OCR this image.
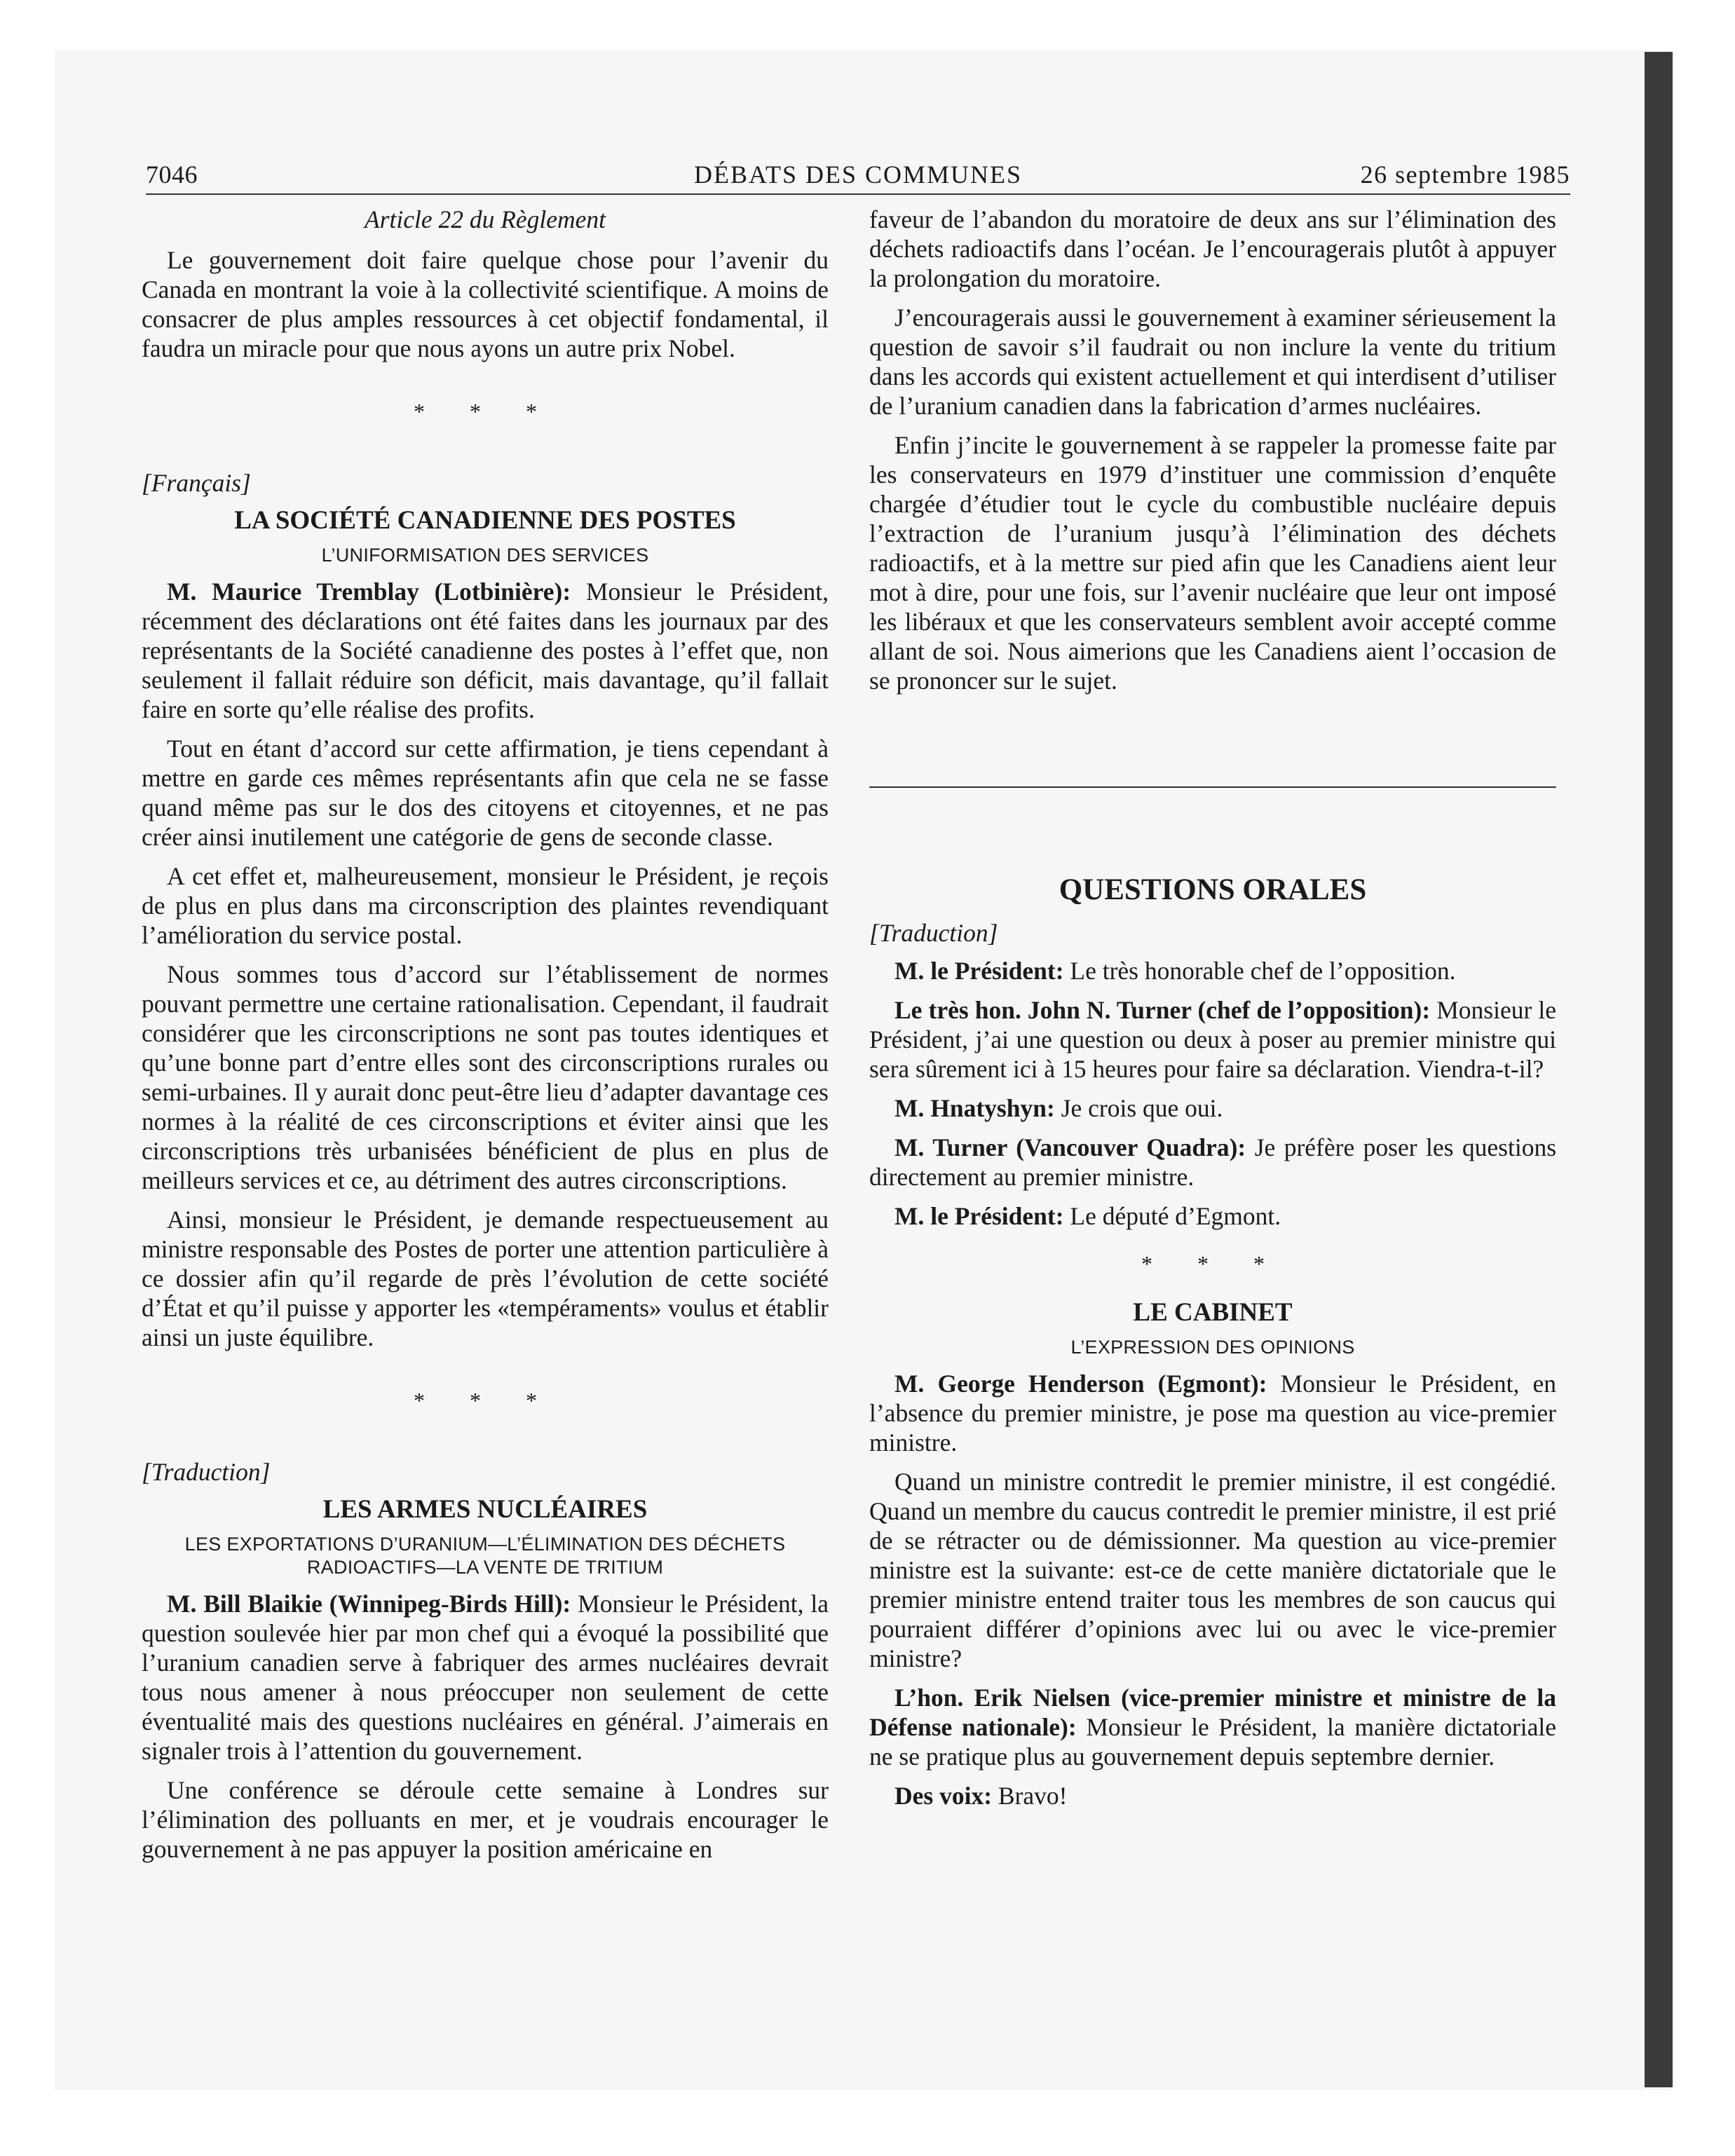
7046	DÉBATS DES COMMUNES	26 septembre 1985

Article 22 du Règlement

Le gouvernement doit faire quelque chose pour l’avenir du Canada en montrant la voie à la collectivité scientifique. A moins de consacrer de plus amples ressources à cet objectif fondamental, il faudra un miracle pour que nous ayons un autre prix Nobel.

* * *

[Français]

LA SOCIÉTÉ CANADIENNE DES POSTES

L’UNIFORMISATION DES SERVICES

M. Maurice Tremblay (Lotbinière): Monsieur le Président, récemment des déclarations ont été faites dans les journaux par des représentants de la Société canadienne des postes à l’effet que, non seulement il fallait réduire son déficit, mais davantage, qu’il fallait faire en sorte qu’elle réalise des profits.

Tout en étant d’accord sur cette affirmation, je tiens cependant à mettre en garde ces mêmes représentants afin que cela ne se fasse quand même pas sur le dos des citoyens et citoyennes, et ne pas créer ainsi inutilement une catégorie de gens de seconde classe.

A cet effet et, malheureusement, monsieur le Président, je reçois de plus en plus dans ma circonscription des plaintes revendiquant l’amélioration du service postal.

Nous sommes tous d’accord sur l’établissement de normes pouvant permettre une certaine rationalisation. Cependant, il faudrait considérer que les circonscriptions ne sont pas toutes identiques et qu’une bonne part d’entre elles sont des circonscriptions rurales ou semi-urbaines. Il y aurait donc peut-être lieu d’adapter davantage ces normes à la réalité de ces circonscriptions et éviter ainsi que les circonscriptions très urbanisées bénéficient de plus en plus de meilleurs services et ce, au détriment des autres circonscriptions.

Ainsi, monsieur le Président, je demande respectueusement au ministre responsable des Postes de porter une attention particulière à ce dossier afin qu’il regarde de près l’évolution de cette société d’État et qu’il puisse y apporter les «tempéraments» voulus et établir ainsi un juste équilibre.

* * *

[Traduction]

LES ARMES NUCLÉAIRES

LES EXPORTATIONS D’URANIUM—L’ÉLIMINATION DES DÉCHETS RADIOACTIFS—LA VENTE DE TRITIUM

M. Bill Blaikie (Winnipeg-Birds Hill): Monsieur le Président, la question soulevée hier par mon chef qui a évoqué la possibilité que l’uranium canadien serve à fabriquer des armes nucléaires devrait tous nous amener à nous préoccuper non seulement de cette éventualité mais des questions nucléaires en général. J’aimerais en signaler trois à l’attention du gouvernement.

Une conférence se déroule cette semaine à Londres sur l’élimination des polluants en mer, et je voudrais encourager le gouvernement à ne pas appuyer la position américaine en

faveur de l’abandon du moratoire de deux ans sur l’élimination des déchets radioactifs dans l’océan. Je l’encouragerais plutôt à appuyer la prolongation du moratoire.

J’encouragerais aussi le gouvernement à examiner sérieusement la question de savoir s’il faudrait ou non inclure la vente du tritium dans les accords qui existent actuellement et qui interdisent d’utiliser de l’uranium canadien dans la fabrication d’armes nucléaires.

Enfin j’incite le gouvernement à se rappeler la promesse faite par les conservateurs en 1979 d’instituer une commission d’enquête chargée d’étudier tout le cycle du combustible nucléaire depuis l’extraction de l’uranium jusqu’à l’élimination des déchets radioactifs, et à la mettre sur pied afin que les Canadiens aient leur mot à dire, pour une fois, sur l’avenir nucléaire que leur ont imposé les libéraux et que les conservateurs semblent avoir accepté comme allant de soi. Nous aimerions que les Canadiens aient l’occasion de se prononcer sur le sujet.

QUESTIONS ORALES

[Traduction]

M. le Président: Le très honorable chef de l’opposition.

Le très hon. John N. Turner (chef de l’opposition): Monsieur le Président, j’ai une question ou deux à poser au premier ministre qui sera sûrement ici à 15 heures pour faire sa déclaration. Viendra-t-il?

M. Hnatyshyn: Je crois que oui.

M. Turner (Vancouver Quadra): Je préfère poser les questions directement au premier ministre.

M. le Président: Le député d’Egmont.

* * *

LE CABINET

L’EXPRESSION DES OPINIONS

M. George Henderson (Egmont): Monsieur le Président, en l’absence du premier ministre, je pose ma question au vice-premier ministre.

Quand un ministre contredit le premier ministre, il est congédié. Quand un membre du caucus contredit le premier ministre, il est prié de se rétracter ou de démissionner. Ma question au vice-premier ministre est la suivante: est-ce de cette manière dictatoriale que le premier ministre entend traiter tous les membres de son caucus qui pourraient différer d’opinions avec lui ou avec le vice-premier ministre?

L’hon. Erik Nielsen (vice-premier ministre et ministre de la Défense nationale): Monsieur le Président, la manière dictatoriale ne se pratique plus au gouvernement depuis septembre dernier.

Des voix: Bravo!
